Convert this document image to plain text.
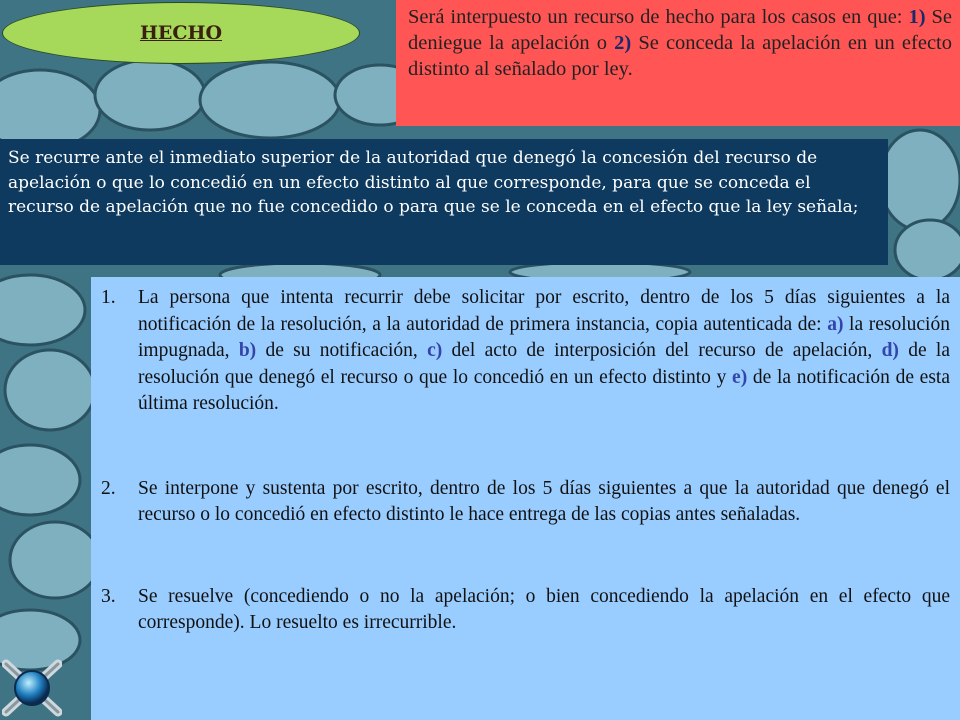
HECHO
Será interpuesto un recurso de hecho para los casos en que: 1) Se deniegue la apelación o 2) Se conceda la apelación en un efecto distinto al señalado por ley.
Se recurre ante el inmediato superior de la autoridad que denegó la concesión del recurso de apelación o que lo concedió en un efecto distinto al que corresponde, para que se conceda el recurso de apelación que no fue concedido o para que se le conceda en el efecto que la ley señala;
1.	La persona que intenta recurrir debe solicitar por escrito, dentro de los 5 días siguientes a la notificación de la resolución, a la autoridad de primera instancia, copia autenticada de: a) la resolución impugnada, b) de su notificación, c) del acto de interposición del recurso de apelación, d) de la resolución que denegó el recurso o que lo concedió en un efecto distinto y e) de la notificación de esta última resolución.
2.	Se interpone y sustenta por escrito, dentro de los 5 días siguientes a que la autoridad que denegó el recurso o lo concedió en efecto distinto le hace entrega de las copias antes señaladas.
3.	Se resuelve (concediendo o no la apelación; o bien concediendo la apelación en el efecto que corresponde). Lo resuelto es irrecurrible.
